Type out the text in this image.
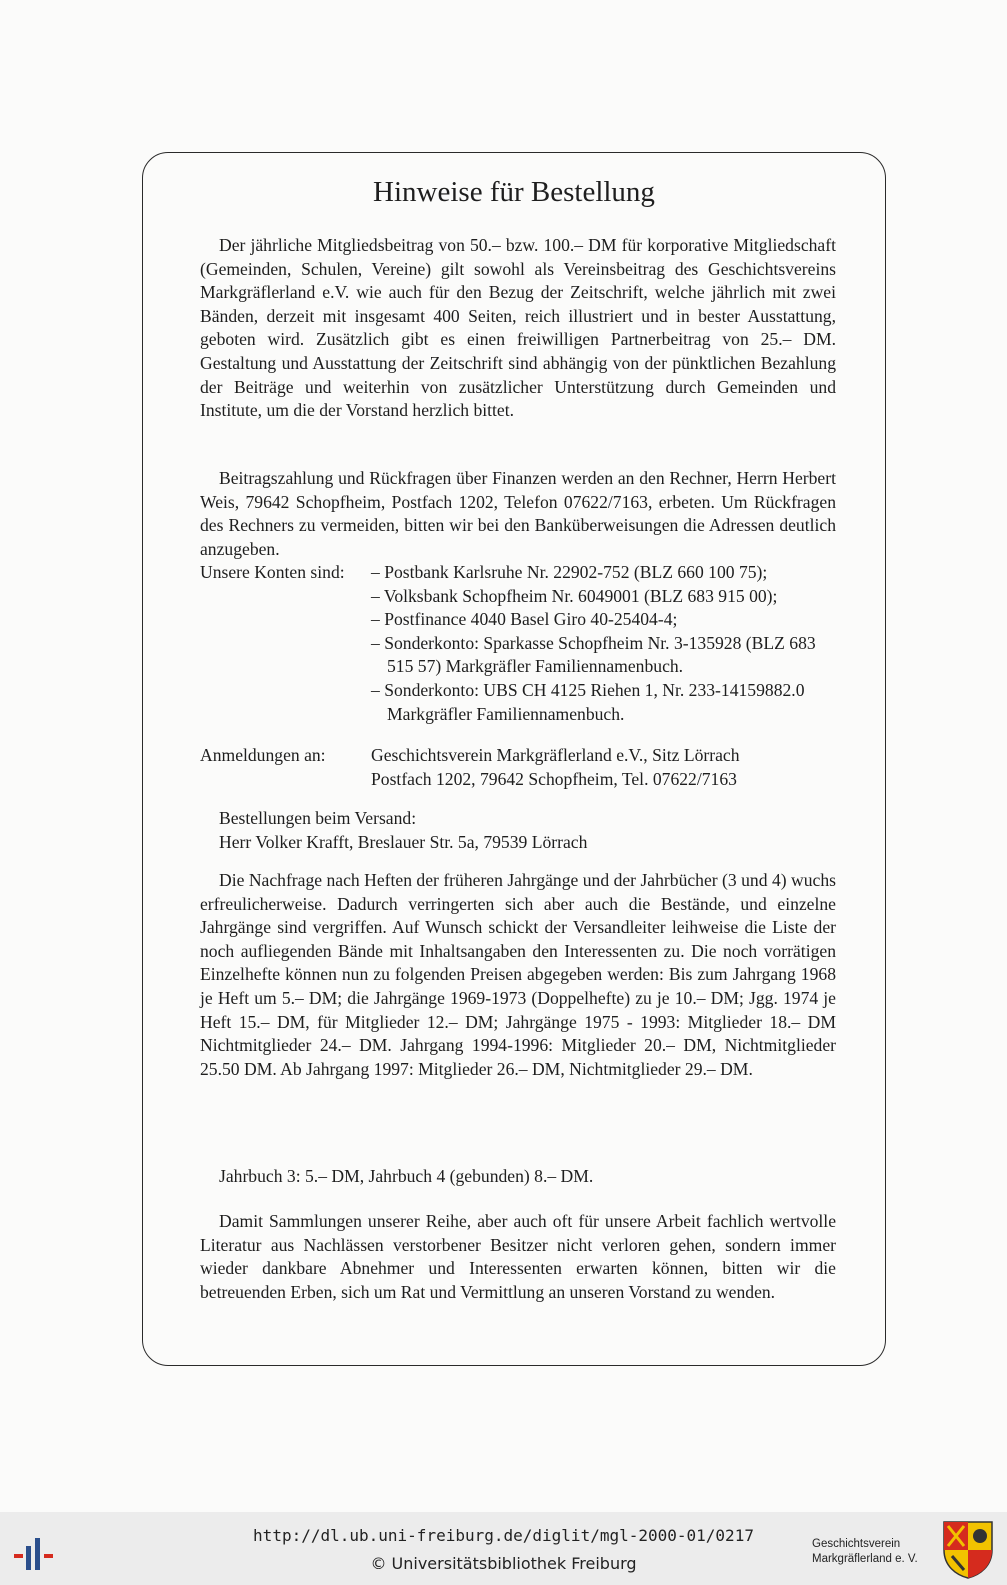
Hinweise für Bestellung

Der jährliche Mitgliedsbeitrag von 50.– bzw. 100.– DM für korporative Mitgliedschaft (Gemeinden, Schulen, Vereine) gilt sowohl als Vereinsbeitrag des Geschichtsvereins Markgräflerland e.V. wie auch für den Bezug der Zeitschrift, welche jährlich mit zwei Bänden, derzeit mit insgesamt 400 Seiten, reich illustriert und in bester Ausstattung, geboten wird. Zusätzlich gibt es einen freiwilligen Partnerbeitrag von 25.– DM. Gestaltung und Ausstattung der Zeitschrift sind abhängig von der pünktlichen Bezahlung der Beiträge und weiterhin von zusätzlicher Unterstützung durch Gemeinden und Institute, um die der Vorstand herzlich bittet.

Beitragszahlung und Rückfragen über Finanzen werden an den Rechner, Herrn Herbert Weis, 79642 Schopfheim, Postfach 1202, Telefon 07622/7163, erbeten. Um Rückfragen des Rechners zu vermeiden, bitten wir bei den Banküberweisungen die Adressen deutlich anzugeben.

Unsere Konten sind: – Postbank Karlsruhe Nr. 22902-752 (BLZ 660 100 75);
– Volksbank Schopfheim Nr. 6049001 (BLZ 683 915 00);
– Postfinance 4040 Basel Giro 40-25404-4;
– Sonderkonto: Sparkasse Schopfheim Nr. 3-135928 (BLZ 683 515 57) Markgräfler Familiennamenbuch.
– Sonderkonto: UBS CH 4125 Riehen 1, Nr. 233-14159882.0 Markgräfler Familiennamenbuch.
Anmeldungen an:	Geschichtsverein Markgräflerland e.V., Sitz Lörrach
Postfach 1202, 79642 Schopfheim, Tel. 07622/7163
Bestellungen beim Versand:
Herr Volker Krafft, Breslauer Str. 5a, 79539 Lörrach

Die Nachfrage nach Heften der früheren Jahrgänge und der Jahrbücher (3 und 4) wuchs erfreulicherweise. Dadurch verringerten sich aber auch die Bestände, und einzelne Jahrgänge sind vergriffen. Auf Wunsch schickt der Versandleiter leihweise die Liste der noch aufliegenden Bände mit Inhaltsangaben den Interessenten zu. Die noch vorrätigen Einzelhefte können nun zu folgenden Preisen abgegeben werden: Bis zum Jahrgang 1968 je Heft um 5.– DM; die Jahrgänge 1969-1973 (Doppelhefte) zu je 10.– DM; Jgg. 1974 je Heft 15.– DM, für Mitglieder 12.– DM; Jahrgänge 1975 - 1993: Mitglieder 18.– DM Nichtmitglieder 24.– DM. Jahrgang 1994-1996: Mitglieder 20.– DM, Nichtmitglieder 25.50 DM. Ab Jahrgang 1997: Mitglieder 26.– DM, Nichtmitglieder 29.– DM.

Jahrbuch 3: 5.– DM, Jahrbuch 4 (gebunden) 8.– DM.

Damit Sammlungen unserer Reihe, aber auch oft für unsere Arbeit fachlich wertvolle Literatur aus Nachlässen verstorbener Besitzer nicht verloren gehen, sondern immer wieder dankbare Abnehmer und Interessenten erwarten können, bitten wir die betreuenden Erben, sich um Rat und Vermittlung an unseren Vorstand zu wenden.

http://dl.ub.uni-freiburg.de/diglit/mgl-2000-01/0217
© Universitätsbibliothek Freiburg
Geschichtsverein
Markgräflerland e. V.
